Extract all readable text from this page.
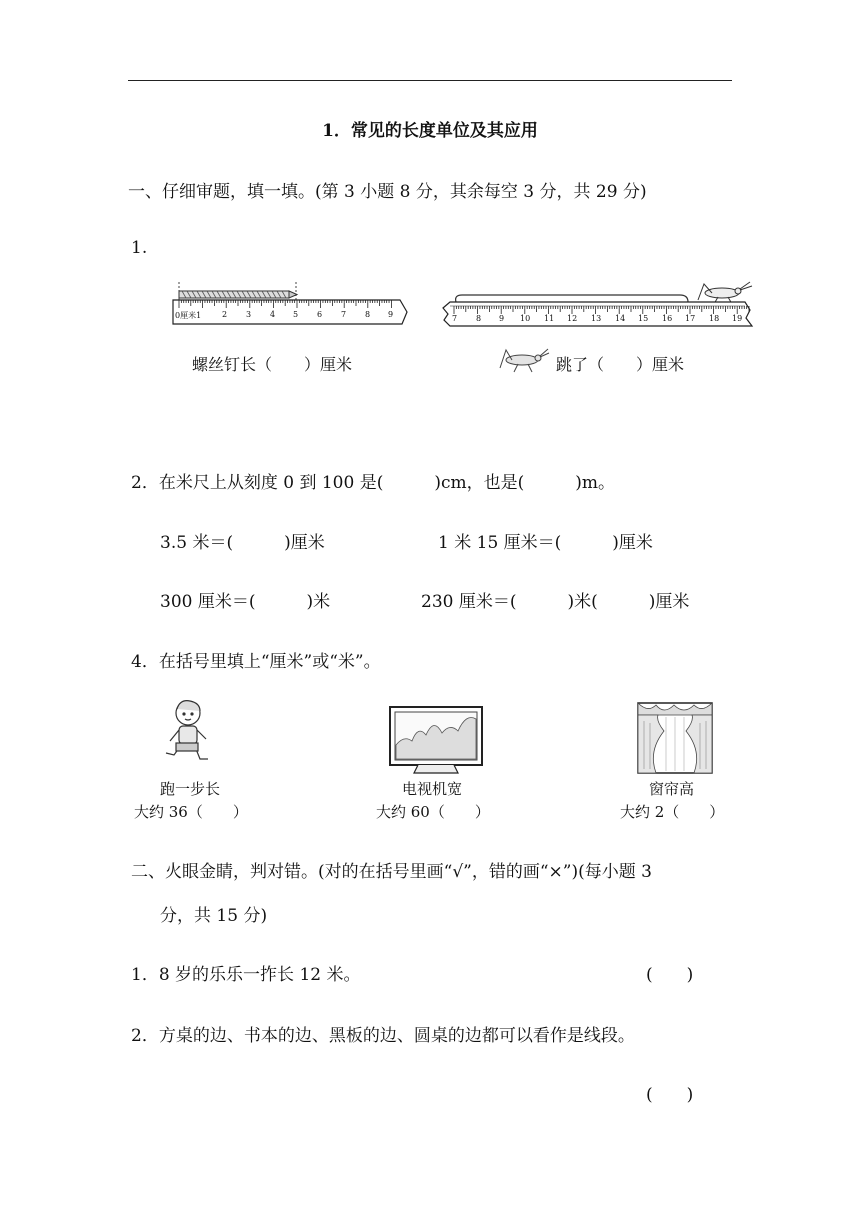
1．常见的长度单位及其应用
一、仔细审题，填一填。(第 3 小题 8 分，其余每空 3 分，共 29 分)
1.
0厘米1	2 3 4 5 6 7 8 9
螺丝钉长（　　）厘米
7 8 9 10 11 12 13 14 15 16 17 18 19
跳了（　　）厘米
2．在米尺上从刻度 0 到 100 是(　　　)cm，也是(　　　)m。
3.5 米＝(　　　)厘米	1 米 15 厘米＝(　　　)厘米
300 厘米＝(　　　)米	230 厘米＝(　　　)米(　　　)厘米
4．在括号里填上“厘米”或“米”。
跑一步长
大约 36（　　）
电视机宽
大约 60（　　）
窗帘高
大约 2（　　）
二、火眼金睛，判对错。(对的在括号里画“√”，错的画“×”)(每小题 3
分，共 15 分)
1．8 岁的乐乐一拃长 12 米。	(　　)
2．方桌的边、书本的边、黑板的边、圆桌的边都可以看作是线段。
(　　)
